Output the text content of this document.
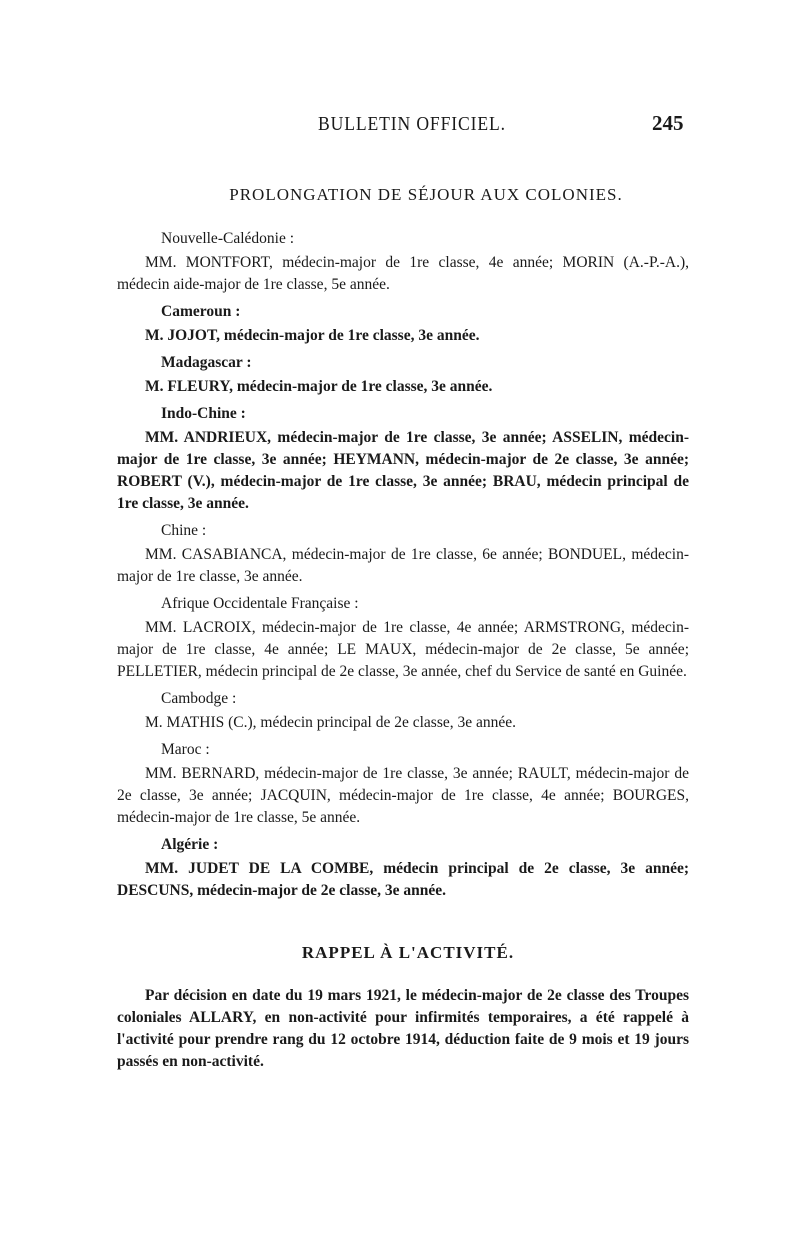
BULLETIN OFFICIEL.	245
PROLONGATION DE SÉJOUR AUX COLONIES.
Nouvelle-Calédonie :
MM. MONTFORT, médecin-major de 1re classe, 4e année; MORIN (A.-P.-A.), médecin aide-major de 1re classe, 5e année.
Cameroun :
M. JOJOT, médecin-major de 1re classe, 3e année.
Madagascar :
M. FLEURY, médecin-major de 1re classe, 3e année.
Indo-Chine :
MM. ANDRIEUX, médecin-major de 1re classe, 3e année; ASSELIN, médecin-major de 1re classe, 3e année; HEYMANN, médecin-major de 2e classe, 3e année; ROBERT (V.), médecin-major de 1re classe, 3e année; BRAU, médecin principal de 1re classe, 3e année.
Chine :
MM. CASABIANCA, médecin-major de 1re classe, 6e année; BONDUEL, médecin-major de 1re classe, 3e année.
Afrique Occidentale Française :
MM. LACROIX, médecin-major de 1re classe, 4e année; ARMSTRONG, médecin-major de 1re classe, 4e année; LE MAUX, médecin-major de 2e classe, 5e année; PELLETIER, médecin principal de 2e classe, 3e année, chef du Service de santé en Guinée.
Cambodge :
M. MATHIS (C.), médecin principal de 2e classe, 3e année.
Maroc :
MM. BERNARD, médecin-major de 1re classe, 3e année; RAULT, médecin-major de 2e classe, 3e année; JACQUIN, médecin-major de 1re classe, 4e année; BOURGES, médecin-major de 1re classe, 5e année.
Algérie :
MM. JUDET DE LA COMBE, médecin principal de 2e classe, 3e année; DESCUNS, médecin-major de 2e classe, 3e année.
RAPPEL À L'ACTIVITÉ.
Par décision en date du 19 mars 1921, le médecin-major de 2e classe des Troupes coloniales ALLARY, en non-activité pour infirmités temporaires, a été rappelé à l'activité pour prendre rang du 12 octobre 1914, déduction faite de 9 mois et 19 jours passés en non-activité.
